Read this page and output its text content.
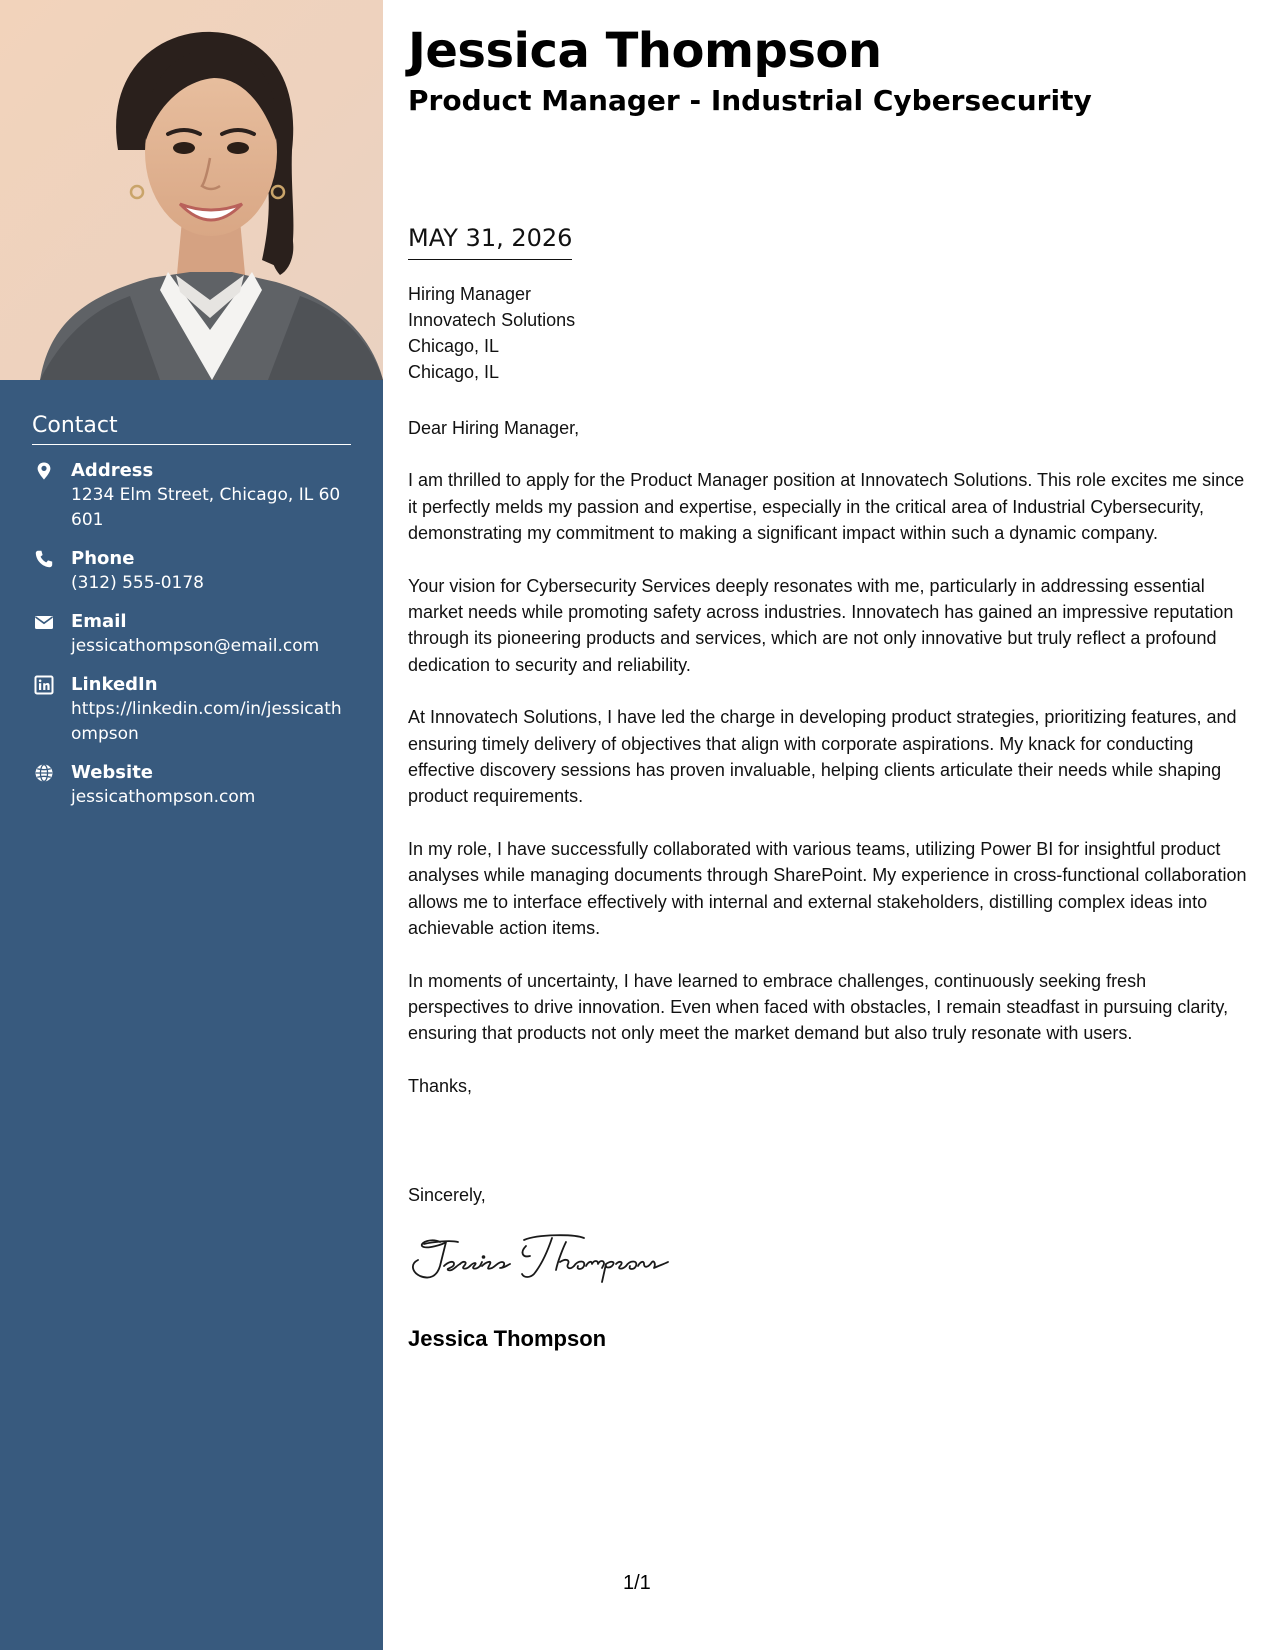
Contact
Address
1234 Elm Street, Chicago, IL 60601
Phone
(312) 555-0178
Email
jessicathompson@email.com
LinkedIn
https://linkedin.com/in/jessicathompson
Website
jessicathompson.com
Jessica Thompson
Product Manager - Industrial Cybersecurity
MAY 31, 2026
Hiring Manager
Innovatech Solutions
Chicago, IL
Chicago, IL

Dear Hiring Manager,

I am thrilled to apply for the Product Manager position at Innovatech Solutions. This role excites me since it perfectly melds my passion and expertise, especially in the critical area of Industrial Cybersecurity, demonstrating my commitment to making a significant impact within such a dynamic company.

Your vision for Cybersecurity Services deeply resonates with me, particularly in addressing essential market needs while promoting safety across industries. Innovatech has gained an impressive reputation through its pioneering products and services, which are not only innovative but truly reflect a profound dedication to security and reliability.

At Innovatech Solutions, I have led the charge in developing product strategies, prioritizing features, and ensuring timely delivery of objectives that align with corporate aspirations. My knack for conducting effective discovery sessions has proven invaluable, helping clients articulate their needs while shaping product requirements.

In my role, I have successfully collaborated with various teams, utilizing Power BI for insightful product analyses while managing documents through SharePoint. My experience in cross-functional collaboration allows me to interface effectively with internal and external stakeholders, distilling complex ideas into achievable action items.

In moments of uncertainty, I have learned to embrace challenges, continuously seeking fresh perspectives to drive innovation. Even when faced with obstacles, I remain steadfast in pursuing clarity, ensuring that products not only meet the market demand but also truly resonate with users.

Thanks,

Sincerely,
Jessica Thompson
1/1
